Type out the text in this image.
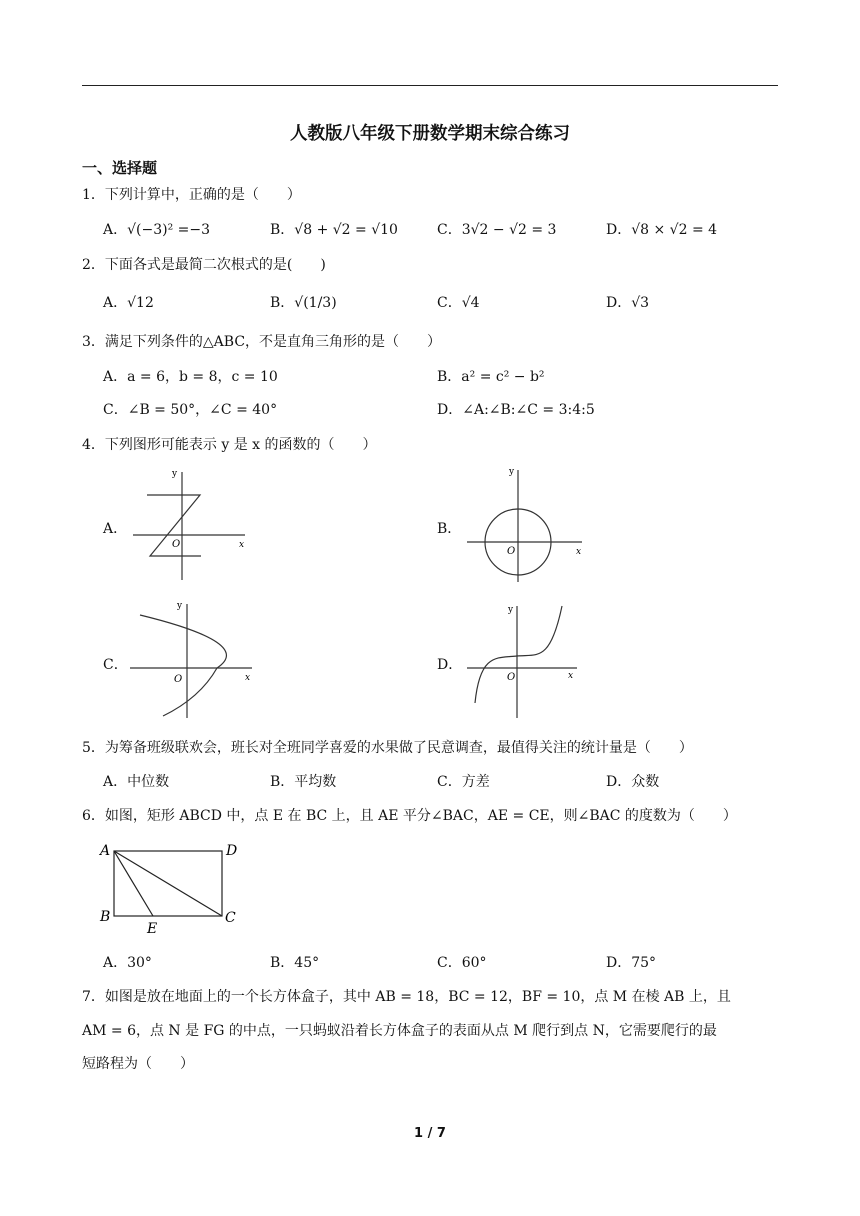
人教版八年级下册数学期末综合练习
一、选择题
1．下列计算中，正确的是（　　）
A．√(−3)² =−3	B．√8 + √2 = √10	C．3√2 − √2 = 3	D．√8 × √2 = 4
2．下面各式是最简二次根式的是(　　)
A．√12	B．√(1/3)	C．√4	D．√3
3．满足下列条件的△ABC，不是直角三角形的是（　　）
A．a = 6，b = 8，c = 10	B．a² = c² − b²
C．∠B = 50°，∠C = 40°	D．∠A:∠B:∠C = 3:4:5
4．下列图形可能表示 y 是 x 的函数的（　　）
A．	B．
C．	D．
y
x
O
y
x
O
y
x
O
y
x
O
5．为筹备班级联欢会，班长对全班同学喜爱的水果做了民意调查，最值得关注的统计量是（　　）
A．中位数	B．平均数	C．方差	D．众数
6．如图，矩形 ABCD 中，点 E 在 BC 上，且 AE 平分∠BAC，AE = CE，则∠BAC 的度数为（　　）
A	D
B	C
E
A．30°	B．45°	C．60°	D．75°
7．如图是放在地面上的一个长方体盒子，其中 AB = 18，BC = 12，BF = 10，点 M 在棱 AB 上，且
AM = 6，点 N 是 FG 的中点，一只蚂蚁沿着长方体盒子的表面从点 M 爬行到点 N，它需要爬行的最
短路程为（　　）
1 / 7
